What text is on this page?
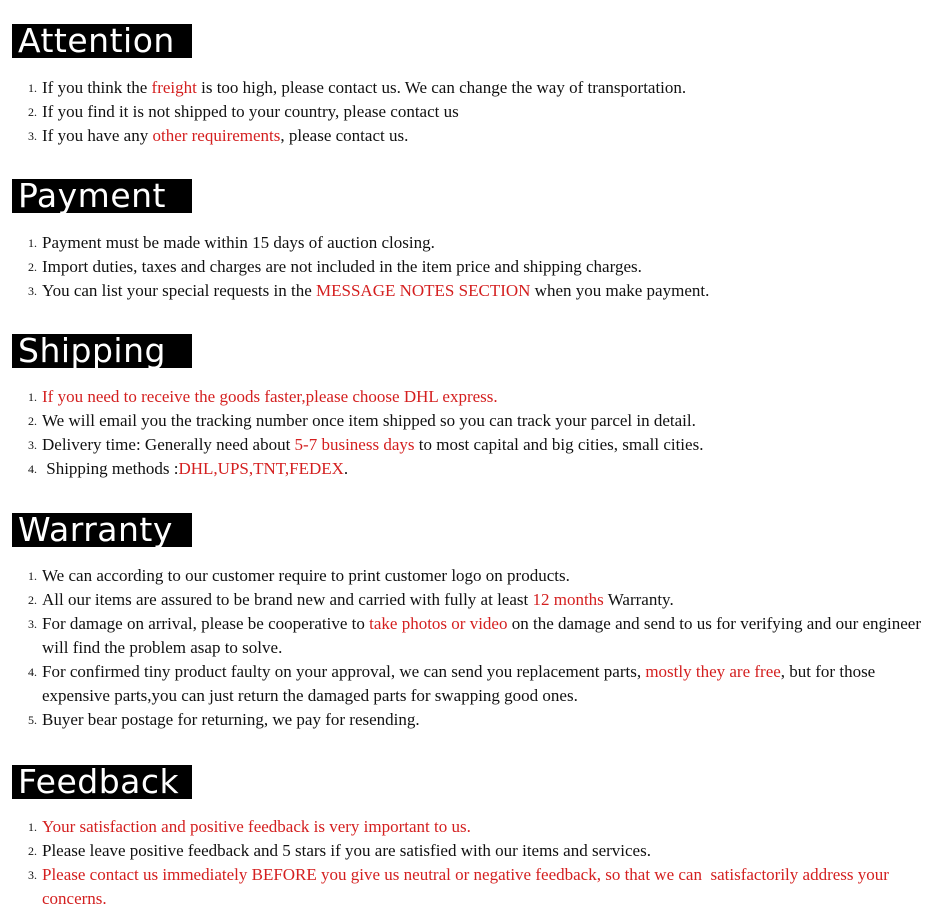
Attention
1. If you think the freight is too high, please contact us. We can change the way of transportation.
2. If you find it is not shipped to your country, please contact us
3. If you have any other requirements, please contact us.
Payment
1. Payment must be made within 15 days of auction closing.
2. Import duties, taxes and charges are not included in the item price and shipping charges.
3. You can list your special requests in the MESSAGE NOTES SECTION when you make payment.
Shipping
1. If you need to receive the goods faster,please choose DHL express.
2. We will email you the tracking number once item shipped so you can track your parcel in detail.
3. Delivery time: Generally need about 5-7 business days to most capital and big cities, small cities.
4. Shipping methods :DHL,UPS,TNT,FEDEX.
Warranty
1. We can according to our customer require to print customer logo on products.
2. All our items are assured to be brand new and carried with fully at least 12 months Warranty.
3. For damage on arrival, please be cooperative to take photos or video on the damage and send to us for verifying and our engineer will find the problem asap to solve.
4. For confirmed tiny product faulty on your approval, we can send you replacement parts, mostly they are free, but for those expensive parts,you can just return the damaged parts for swapping good ones.
5. Buyer bear postage for returning, we pay for resending.
Feedback
1. Your satisfaction and positive feedback is very important to us.
2. Please leave positive feedback and 5 stars if you are satisfied with our items and services.
3. Please contact us immediately BEFORE you give us neutral or negative feedback, so that we can  satisfactorily address your concerns.
